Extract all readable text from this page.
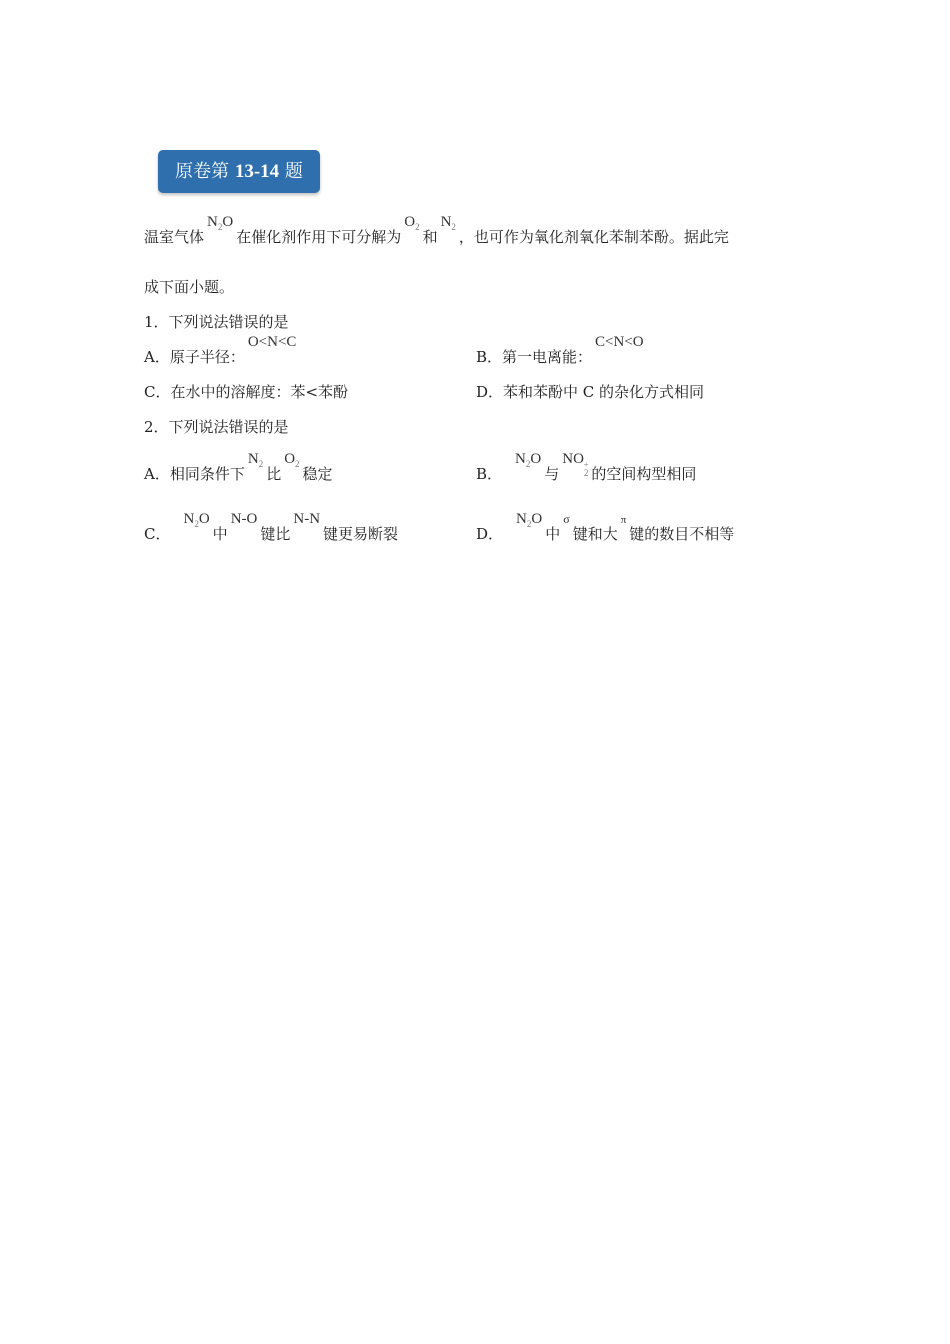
原卷第 13-14 题
温室气体$N_2O$在催化剂作用下可分解为$O_2$和$N_2$，也可作为氧化剂氧化苯制苯酚。据此完
成下面小题。
1．下列说法错误的是
A．原子半径：O<N<C
B．第一电离能：C<N<O
C．在水中的溶解度：苯<苯酚	D．苯和苯酚中 C 的杂化方式相同
2．下列说法错误的是
A．相同条件下$N_2$比$O_2$稳定	B．$N_2O$与NO +
2 的空间构型相同
C．$N_2O$中N-O键比N-N键更易断裂	D．$N_2O$中$^\sigma$键和大$^\pi$键的数目不相等
